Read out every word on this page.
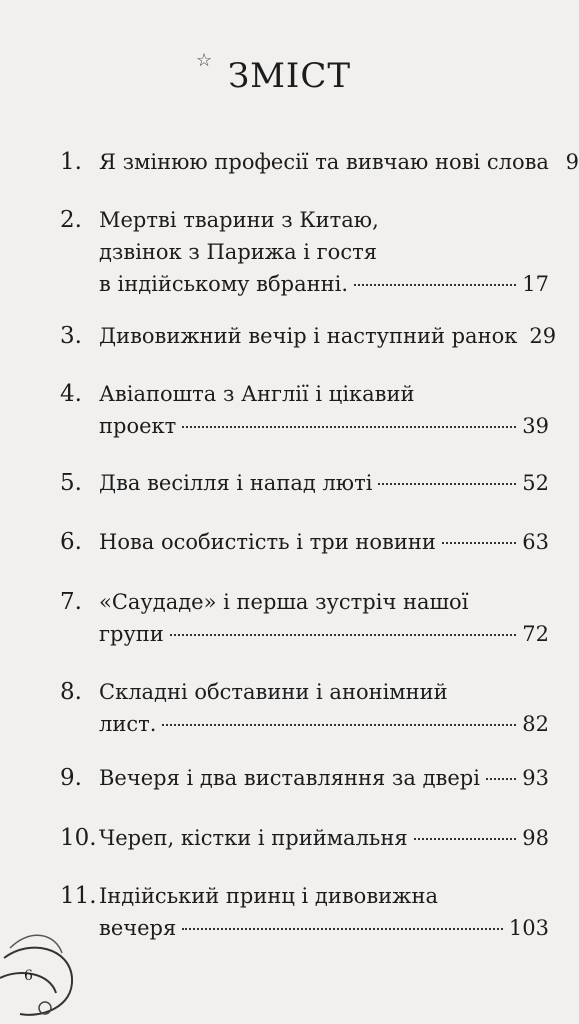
☆ ЗМІСТ
1. Я змінюю професії та вивчаю нові слова 9
2. Мертві тварини з Китаю,
дзвінок з Парижа і гостя
в індійському вбранні.	17
3. Дивовижний вечір і наступний ранок 29
4. Авіапошта з Англії і цікавий
проект	39
5. Два весілля і напад люті	52
6. Нова особистість і три новини	63
7. «Саудаде» і перша зустріч нашої
групи	72
8. Складні обставини і анонімний
лист.	82
9. Вечеря і два виставляння за двері 93
10. Череп, кістки і приймальня	98
11. Індійський принц і дивовижна
вечеря	103
6
